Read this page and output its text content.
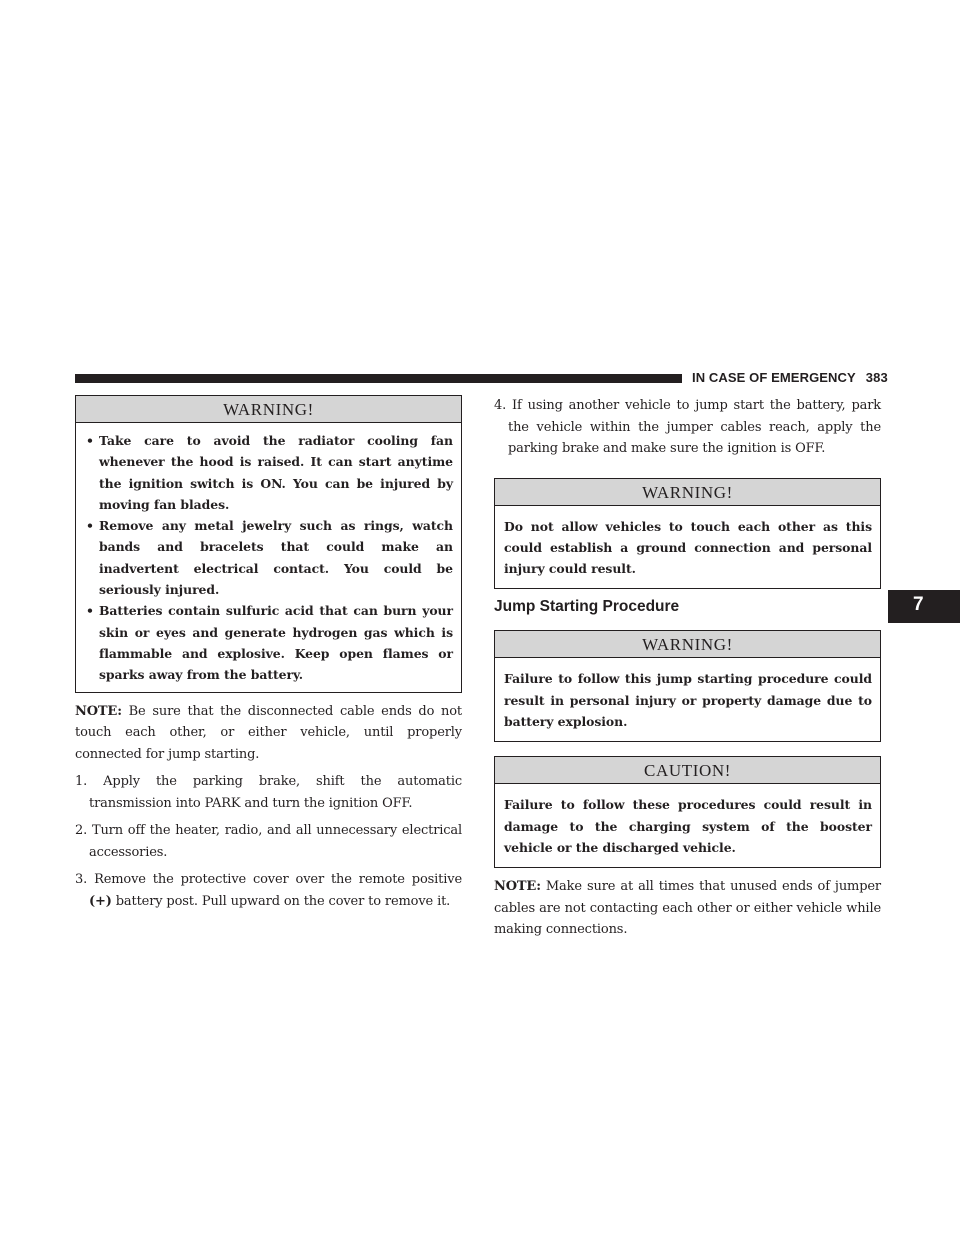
IN CASE OF EMERGENCY 383
7
WARNING!
• Take care to avoid the radiator cooling fan whenever the hood is raised. It can start anytime the ignition switch is ON. You can be injured by moving fan blades.
• Remove any metal jewelry such as rings, watch bands and bracelets that could make an inadvertent electrical contact. You could be seriously injured.
• Batteries contain sulfuric acid that can burn your skin or eyes and generate hydrogen gas which is flammable and explosive. Keep open flames or sparks away from the battery.

NOTE: Be sure that the disconnected cable ends do not touch each other, or either vehicle, until properly connected for jump starting.

1. Apply the parking brake, shift the automatic transmission into PARK and turn the ignition OFF.

2. Turn off the heater, radio, and all unnecessary electrical accessories.

3. Remove the protective cover over the remote positive (+) battery post. Pull upward on the cover to remove it.

4. If using another vehicle to jump start the battery, park the vehicle within the jumper cables reach, apply the parking brake and make sure the ignition is OFF.

WARNING!
Do not allow vehicles to touch each other as this could establish a ground connection and personal injury could result.
Jump Starting Procedure
WARNING!
Failure to follow this jump starting procedure could result in personal injury or property damage due to battery explosion.
CAUTION!
Failure to follow these procedures could result in damage to the charging system of the booster vehicle or the discharged vehicle.

NOTE: Make sure at all times that unused ends of jumper cables are not contacting each other or either vehicle while making connections.
